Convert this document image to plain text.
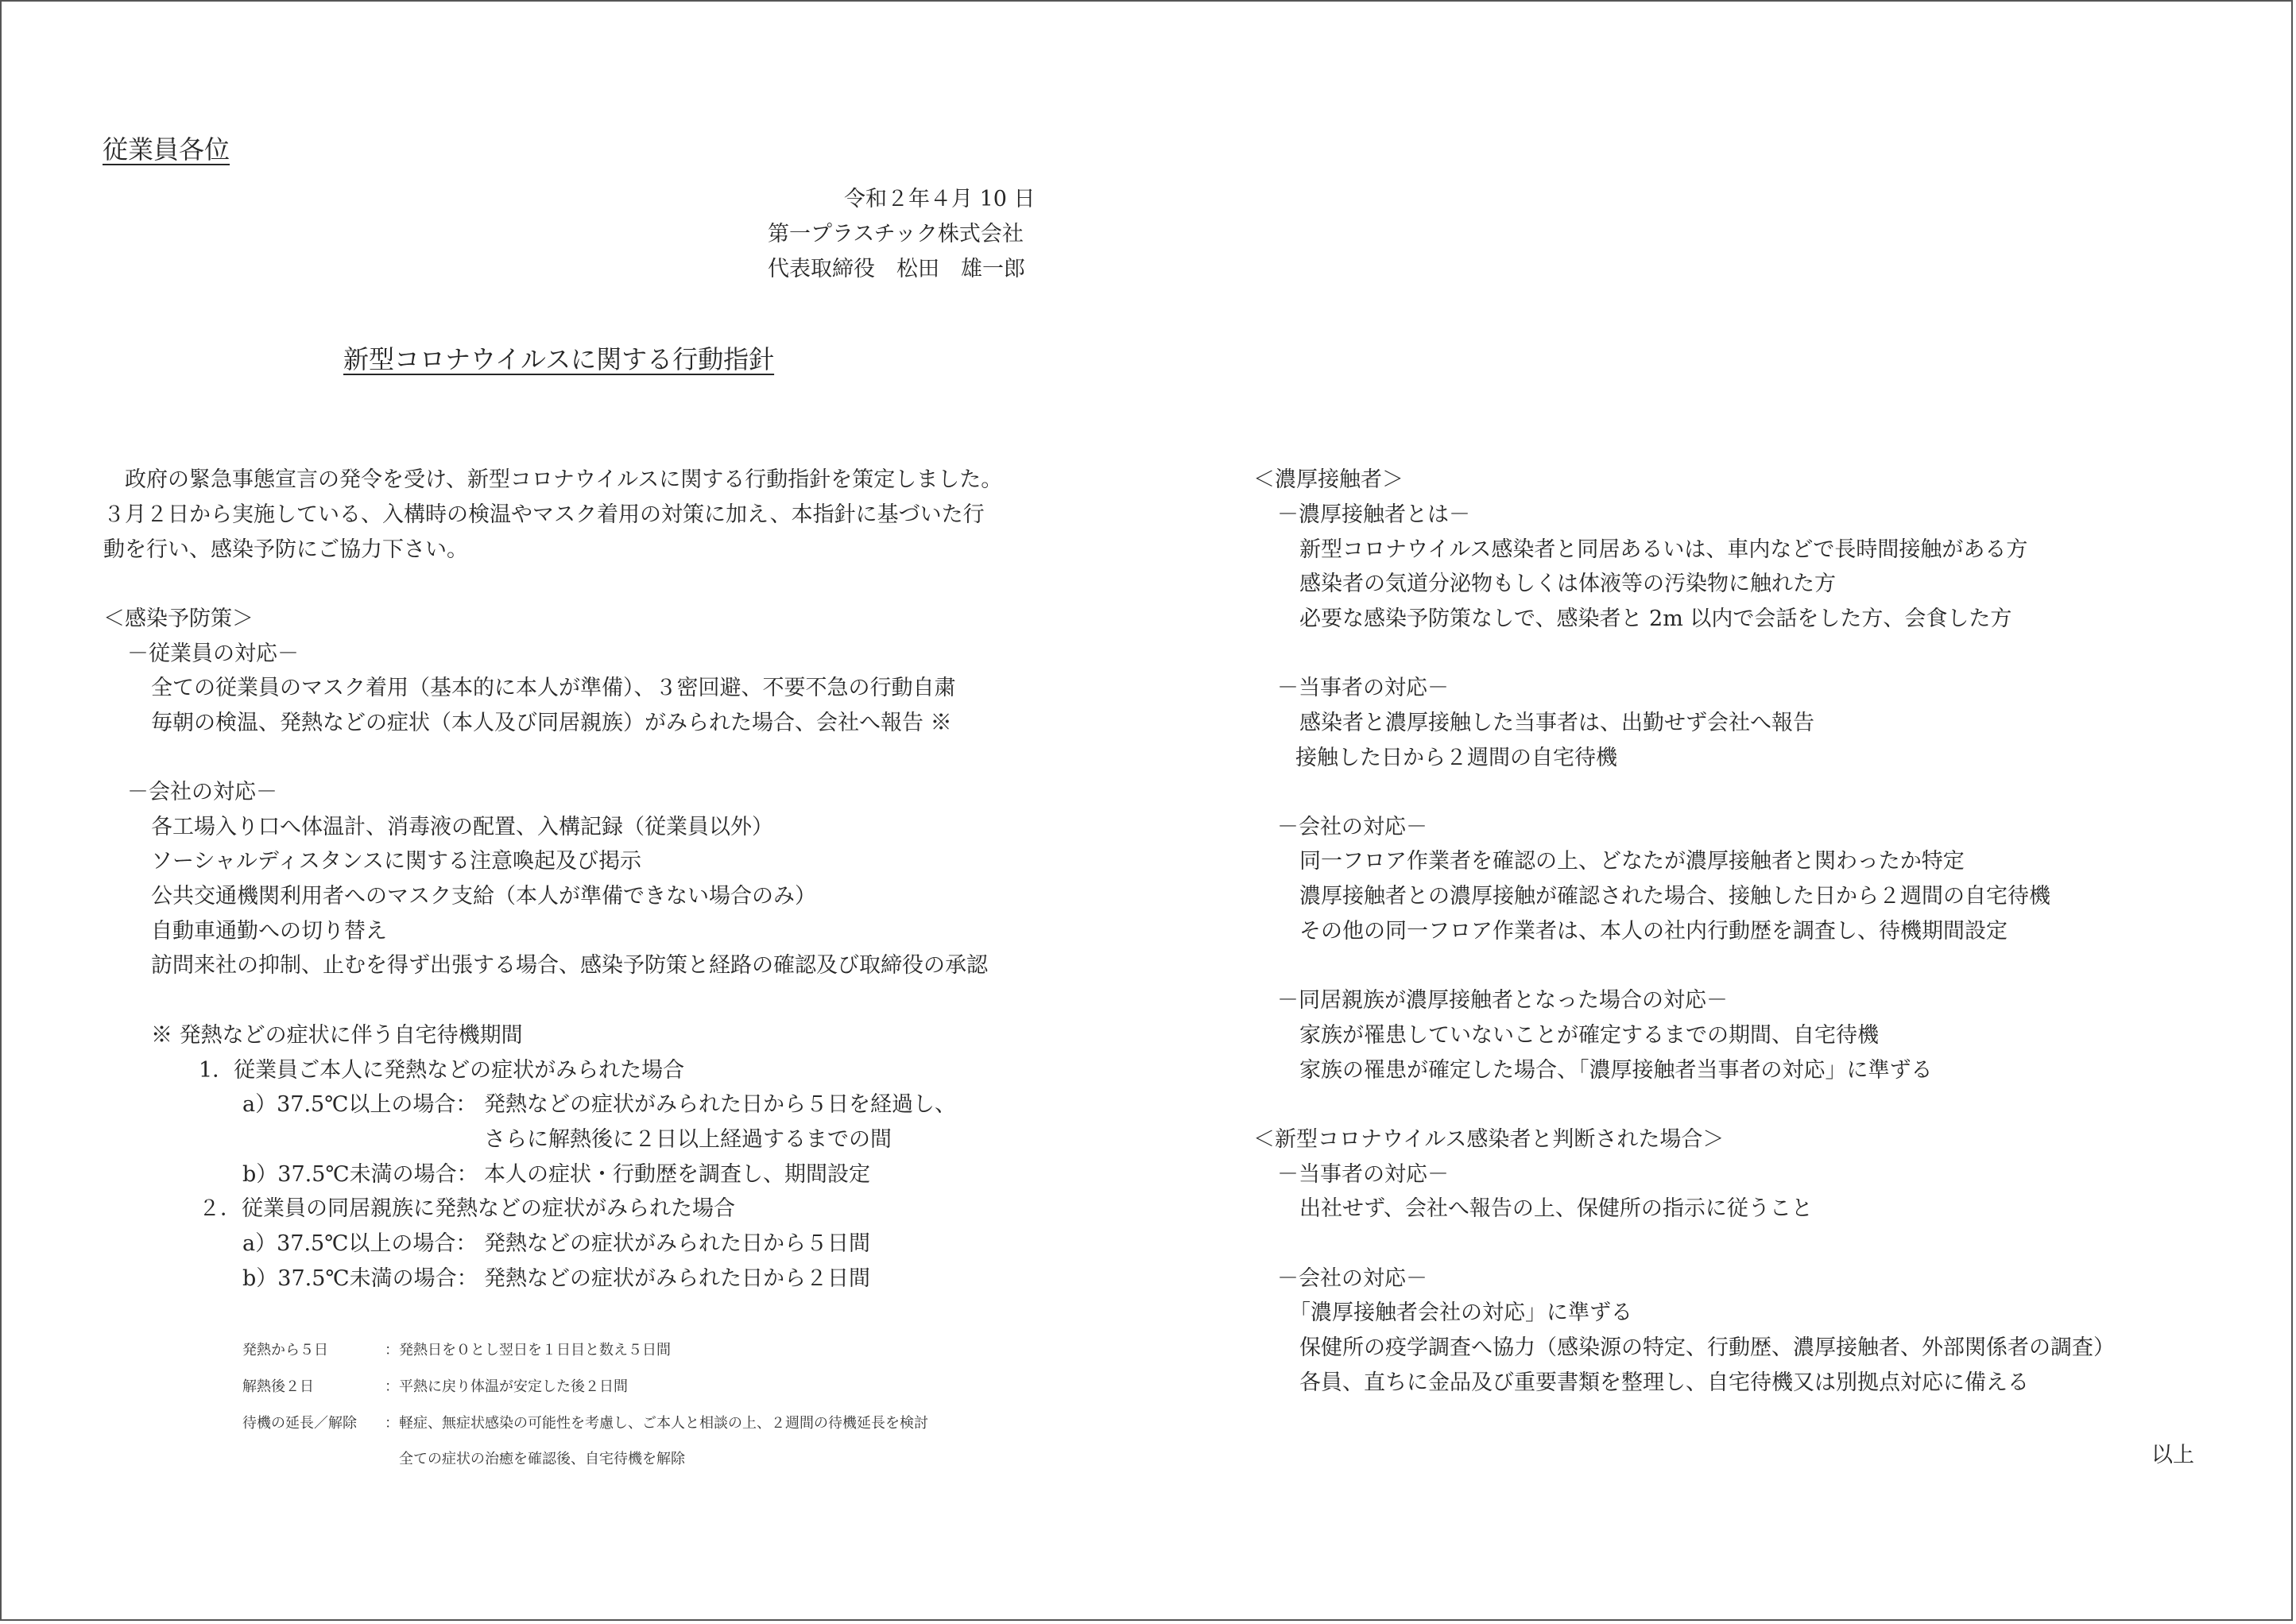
従業員各位
令和２年４月 10 日
第一プラスチック株式会社
代表取締役　松田　雄一郎
新型コロナウイルスに関する行動指針
　政府の緊急事態宣言の発令を受け、新型コロナウイルスに関する行動指針を策定しました。
３月２日から実施している、入構時の検温やマスク着用の対策に加え、本指針に基づいた行
動を行い、感染予防にご協力下さい。
＜感染予防策＞
－従業員の対応－
全ての従業員のマスク着用（基本的に本人が準備）、３密回避、不要不急の行動自粛
毎朝の検温、発熱などの症状（本人及び同居親族）がみられた場合、会社へ報告 ※
－会社の対応－
各工場入り口へ体温計、消毒液の配置、入構記録（従業員以外）
ソーシャルディスタンスに関する注意喚起及び掲示
公共交通機関利用者へのマスク支給（本人が準備できない場合のみ）
自動車通勤への切り替え
訪問来社の抑制、止むを得ず出張する場合、感染予防策と経路の確認及び取締役の承認
※ 発熱などの症状に伴う自宅待機期間
1．従業員ご本人に発熱などの症状がみられた場合
a）37.5℃以上の場合： 発熱などの症状がみられた日から５日を経過し、
さらに解熱後に２日以上経過するまでの間
b）37.5℃未満の場合： 本人の症状・行動歴を調査し、期間設定
２．従業員の同居親族に発熱などの症状がみられた場合
a）37.5℃以上の場合： 発熱などの症状がみられた日から５日間
b）37.5℃未満の場合： 発熱などの症状がみられた日から２日間
発熱から５日	：発熱日を０とし翌日を１日目と数え５日間
解熱後２日	：平熱に戻り体温が安定した後２日間
待機の延長／解除 ：軽症、無症状感染の可能性を考慮し、ご本人と相談の上、２週間の待機延長を検討
全ての症状の治癒を確認後、自宅待機を解除
＜濃厚接触者＞
－濃厚接触者とは－
新型コロナウイルス感染者と同居あるいは、車内などで長時間接触がある方
感染者の気道分泌物もしくは体液等の汚染物に触れた方
必要な感染予防策なしで、感染者と 2m 以内で会話をした方、会食した方
－当事者の対応－
感染者と濃厚接触した当事者は、出勤せず会社へ報告
接触した日から２週間の自宅待機
－会社の対応－
同一フロア作業者を確認の上、どなたが濃厚接触者と関わったか特定
濃厚接触者との濃厚接触が確認された場合、接触した日から２週間の自宅待機
その他の同一フロア作業者は、本人の社内行動歴を調査し、待機期間設定
－同居親族が濃厚接触者となった場合の対応－
家族が罹患していないことが確定するまでの期間、自宅待機
家族の罹患が確定した場合、「濃厚接触者当事者の対応」に準ずる
＜新型コロナウイルス感染者と判断された場合＞
－当事者の対応－
出社せず、会社へ報告の上、保健所の指示に従うこと
－会社の対応－
「濃厚接触者会社の対応」に準ずる
保健所の疫学調査へ協力（感染源の特定、行動歴、濃厚接触者、外部関係者の調査）
各員、直ちに金品及び重要書類を整理し、自宅待機又は別拠点対応に備える
以上
